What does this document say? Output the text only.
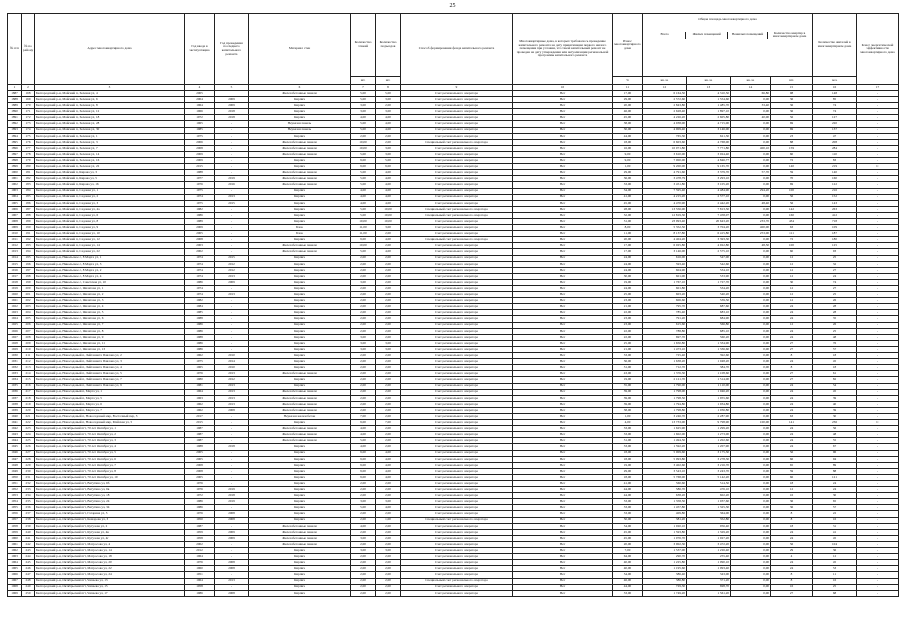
25
№ п/п	№ по району	Адрес многоквартирного дома	Год ввода в эксплуатацию	Год проведения последнего капитального ремонта	Материал стен	Количество этажей	Количество подъездов	Способ формирования фонда капитального ремонта	Многоквартирные дома, в которых требовалось проведение капитального ремонта на дату приватизации первого жилого помещения при условии, что такой капитальный ремонт не проведен на дату утверждения или актуализации региональной программы капитального ремонта	Износ многоквартирного дома	Общая площадь многоквартирного дома
Всего	Жилых помещений	Нежилых помещений	Количество квартир в многоквартирном доме
	Количество жителей в многоквартирном доме	Класс энергетической эффективности многоквартирного дома
шт.	шт.	%	кв. м.	кв. м.	кв. м.	шт.	чел.
1	2	3	4	5	6	7	8	9	10	11	12	13	14	15	16	17
1887	168	Белгородский р-н, Майский п, Зеленая ул, 4	2005		Железобетонные панели	5,00	5,00	Счет регионального оператора	Нет	17,00	6 164,50	4 310,50	66,80	98	148	-
1888	169	Белгородский р-н, Майский п, Зеленая ул, 6	2004	2009	Кирпич	5,00	3,00	Счет регионального оператора	Нет	29,00	2 572,60	1 554,60	0,00	36	85	-
1889	170	Белгородский р-н, Майский п, Зеленая ул, 8	1964	2009	Кирпич	3,00	2,00	Счет регионального оператора	Нет	20,00	2 843,80	1 485,70	33,40	36	74	-
1890	171	Белгородский р-н, Майский п, Зеленая ул, 12	1966	2018	Кирпич	3,00	3,00	Счет регионального оператора	Нет	46,00	2 628,40	1 897,10	0,00	36	74	-
1891	172	Белгородский р-н, Майский п, Зеленая ул, 18	1972	2018	Кирпич	4,00	4,00	Счет регионального оператора	Нет	45,00	4 226,20	2 605,80	40,00	56	127	-
1892	173	Белгородский р-н, Майский п, Зеленая ул, 28	1965	-	Неуказан панель	5,00	4,00	Счет регионального оператора	Нет	38,00	4 938,00	4 715,00	0,00	69	220	-
1893	174	Белгородский р-н, Майский п, Зеленая ул, 30	1985	-	Неуказан панель	5,00	4,00	Счет регионального оператора	Нет	30,00	4 909,40	3 146,00	0,00	69	137	-
1894	175	Белгородский р-н, Майский п, Зеленая ул, 1	1975	-	Кирпич	2,00	2,00	Счет регионального оператора	Нет	44,00	765,30	621,30	0,00	23	47	-
1895	176	Белгородский р-н, Майский п, Зеленая ул, 3	2006	-	Железобетонные панели	10,00	2,00	Специальный счет регионального оператора	Нет	18,00	6 603,60	4 768,00	0,00	88	208	-
1896	177	Белгородский р-н, Майский п, Зеленая ул, 7	2008	-	Железобетонные панели	10,00	3,00	Счет регионального оператора	Нет	16,00	10 071,80	7 771,80	400,10	159	284	-
1897	178	Белгородский р-н, Майский п, Зеленая ул, 14	2009	-	Железобетонные панели	5,00	3,00	Счет регионального оператора	Нет	9,00	3 610,00	3 024,40	0,00	60	110	-
1898	179	Белгородский р-н, Майский п, Зеленая ул, 16	2009	-	Кирпич	9,00	5,00	Счет регионального оператора	Нет	9,00	7 000,00	4 846,77	0,00	72	83	-
1899	180	Белгородский р-н, Майский п, Зеленая ул, 22	2015	-	Кирпич	9,00	9,00	Счет регионального оператора	Нет	1,00	9 200,00	9 165,70	0,00	140	219	C
1900	181	Белгородский р-н, Майский п, Кирова ул, 3	1988	-	Железобетонные панели	5,00	4,00	Счет регионального оператора	Нет	29,00	4 791,60	3 379,70	57,70	59	140	-
1901	182	Белгородский р-н, Майский п, Кирова ул, 5	1977	2019	Железобетонные панели	5,00	4,00	Счет регионального оператора	Нет	36,00	3 478,79	3 293,10	0,00	70	160	-
1902	183	Белгородский р-н, Майский п, Кирова ул, 16	1976	2016	Железобетонные панели	5,00	4,00	Счет регионального оператора	Нет	33,00	3 451,80	3 105,20	0,00	69	122	-
1903	184	Белгородский р-н, Майский п, Садовая ул, 1	1975	-	Кирпич	4,00	4,00	Счет регионального оператора	Нет	34,00	7 595,40	4 484,90	294,20	100	216	-
1904	185	Белгородский р-н, Майский п, Садовая ул, 2	1974	2013	Кирпич	4,00	4,00	Счет регионального оператора	Нет	41,00	4 215,20	2 577,10	0,00	56	152	-
1905	186	Белгородский р-н, Майский п, Садовая ул, 3	1975	2015	Кирпич	4,00	4,00	Счет регионального оператора	Нет	45,00	4 470,90	2 442,20	48,40	56	143	-
1906	187	Белгородский р-н, Майский п, Садовая ул, 4а	1982	-	Кирпич	5,00	10,00	Специальный счет регионального оператора	Нет	28,00	13 556,00	7 813,50	0,00	142	263	-
1907	188	Белгородский р-н, Майский п, Садовая ул, 6	1986	-	Кирпич	5,00	10,00	Специальный счет регионального оператора	Нет	32,00	12 819,30	7 458,07	0,00	160	412	-
1908	189	Белгородский р-н, Майский п, Садовая ул, 8	1989	-	Кирпич	10,00	10,00	Счет регионального оператора	Нет	31,00	23 993,40	20 643,20	233,70	434	718	-
1909	190	Белгородский р-н, Майский п, Садовая ул, 9	2009	-	Блок	11,00	3,00	Счет регионального оператора	Нет	8,00	5 352,50	3 704,20	400,00	63	109	-
1910	191	Белгородский р-н, Майский п, Садовая ул, 10	2005	-	Блок	11,00	2,00	Счет регионального оператора	Нет	11,00	8 137,80	6 415,80	253,00	111	187	-
1911	192	Белгородский р-н, Майский п, Садовая ул, 12	2008	-	Кирпич	9,00	4,00	Специальный счет регионального оператора	Нет	20,00	4 404,20	3 393,30	0,00	72	180	-
1912	193	Белгородский р-н, Майский п, Садовая ул, 14	2003	-	Железобетонные панели	10,00	2,00	Счет регионального оператора	Нет	17,00	6 025,80	4 922,80	48,50	100	125	-
1913	194	Белгородский р-н, Майский п, Садовая ул, 22	2002	-	Железобетонные панели	5,00	4,00	Счет регионального оператора	Нет	17,00	3 146,00	2 575,10	0,00	60	93	-
1914	195	Белгородский р-н, Никольское с, 8 Марта ул, 1	1974	2015	Кирпич	2,00	2,00	Счет регионального оператора	Нет	24,00	616,00	547,00	0,00	12	25	-
1915	196	Белгородский р-н, Никольское с, 8 Марта ул, 3	1974	2012	Кирпич	2,00	2,00	Счет регионального оператора	Нет	24,00	593,40	542,60	0,00	12	32	-
1916	197	Белгородский р-н, Никольское с, 8 Марта ул, 2	1974	2012	Кирпич	2,00	2,00	Счет регионального оператора	Нет	24,00	604,90	534,10	0,00	12	27	-
1917	198	Белгородский р-н, Никольское с, 8 Марта ул, 4	1974	2013	Кирпич	2,00	2,00	Счет регионального оператора	Нет	30,00	601,00	533,90	0,00	12	24	-
1918	199	Белгородский р-н, Никольское с, Советская ул, 10	1986	2009	Кирпич	3,00	2,00	Счет регионального оператора	Нет	19,00	1 767,10	1 727,70	0,00	30	74	-
1919	200	Белгородский р-н, Никольское с, Филатова ул, 1	1974	-	Кирпич	2,00	2,00	Счет регионального оператора	Нет	24,00	601,80	534,20	0,00	12	27	-
1920	201	Белгородский р-н, Никольское с, Филатова ул, 2	1974	2013	Кирпич	2,00	2,00	Счет регионального оператора	Нет	25,00	603,20	540,20	0,00	12	25	-
1921	202	Белгородский р-н, Никольское с, Филатова ул, 3	1982	-	Кирпич	2,00	2,00	Счет регионального оператора	Нет	23,00	606,60	539,50	0,00	12	26	-
1922	203	Белгородский р-н, Никольское с, Филатова ул, 4	1984	-	Кирпич	2,00	2,00	Счет регионального оператора	Нет	21,00	795,70	687,60	0,00	24	28	-
1923	204	Белгородский р-н, Никольское с, Филатова ул, 5	1985	-	Кирпич	2,00	2,00	Счет регионального оператора	Нет	22,00	785,40	683,10	0,00	24	28	-
1924	205	Белгородский р-н, Никольское с, Филатова ул, 6	1988	-	Кирпич	2,00	2,00	Счет регионального оператора	Нет	23,00	791,20	684,90	0,00	24	35	-
1925	206	Белгородский р-н, Никольское с, Филатова ул, 7	1986	-	Кирпич	2,00	2,00	Счет регионального оператора	Нет	23,00	615,60	566,80	0,00	12	26	-
1926	207	Белгородский р-н, Никольское с, Филатова ул, 8	1986	-	Кирпич	2,00	2,00	Счет регионального оператора	Нет	22,00	788,80	685,10	0,00	24	25	-
1927	208	Белгородский р-н, Никольское с, Филатова ул, 9	1988	-	Кирпич	3,00	2,00	Счет регионального оператора	Нет	22,00	697,70	560,20	0,00	24	48	-
1928	209	Белгородский р-н, Никольское с, Филатова ул, 11	1986	-	Кирпич	3,00	3,00	Счет регионального оператора	Нет	25,00	1 650,80	1 334,90	0,00	27	76	-
1929	210	Белгородский р-н, Никольское с, Филатова ул, 13	1986	-	Кирпич	3,00	3,00	Счет регионального оператора	Нет	21,00	1 473,10	1 336,60	0,00	27	57	-
1930	211	Белгородский р-н, Новосадовый п, Лейтенанта Павлова ул, 2	1962	2010	Кирпич	2,00	2,00	Счет регионального оператора	Нет	33,00	725,40	392,60	0,00	8	18	-
1931	212	Белгородский р-н, Новосадовый п, Лейтенанта Павлова ул, 3	1975	2014	Кирпич	2,00	2,00	Счет регионального оператора	Нет	36,00	1 638,20	1 048,20	0,00	24	45	-
1932	213	Белгородский р-н, Новосадовый п, Лейтенанта Павлова ул, 4	1965	2010	Кирпич	2,00	2,00	Счет регионального оператора	Нет	31,00	712,70	384,70	0,00	8	18	-
1933	214	Белгородский р-н, Новосадовый п, Лейтенанта Павлова ул, 5	1976	2013	Железобетонные панели	2,00	2,00	Счет регионального оператора	Нет	43,00	1 376,30	1 108,60	0,00	27	61	-
1934	215	Белгородский р-н, Новосадовый п, Лейтенанта Павлова ул, 7	1980	2012	Кирпич	2,00	2,00	Счет регионального оператора	Нет	19,00	2 121,70	1 514,00	0,00	27	82	-
1935	216	Белгородский р-н, Новосадовый п, Лейтенанта Павлова ул, 9	1981	2013	Кирпич	2,00	2,00	Счет регионального оператора	Нет	35,00	1 790,00	1 110,00	0,00	24	54	-
1936	217	Белгородский р-н, Новосадовый п, Марта ул, 1	1964	2013	Железобетонные панели	2,00	2,00	Счет регионального оператора	Нет	39,00	1 798,00	1 046,20	0,00	24	45	-
1937	218	Белгородский р-н, Новосадовый п, Марта ул, 5	1963	2013	Железобетонные панели	2,00	2,00	Счет регионального оператора	Нет	39,00	1 798,50	1 955,60	0,00	24	39	-
1938	219	Белгородский р-н, Новосадовый п, Марта ул, 6	1962	2013	Железобетонные панели	2,00	2,00	Счет регионального оператора	Нет	39,00	1 794,80	1 934,80	0,00	24	40	-
1939	220	Белгородский р-н, Новосадовый п, Марта ул, 7	1962	2008	Железобетонные панели	2,00	2,00	Счет регионального оператора	Нет	38,00	1 798,80	1 036,80	0,00	24	39	-
1940	221	Белгородский р-н, Новосадовый п, Новосадовый мкр, Восточный пер, 3	2017	-	Неуказан железобетон	7,00	2,00	Счет регионального оператора	Нет	1,00	3 246,70	2 287,90	0,00	63	30	-
1941	222	Белгородский р-н, Новосадовый п, Новосадовый мкр, Майская ул, 5	2015	-	Кирпич	9,00	7,00	Счет регионального оператора	Нет	4,00	13 733,00	9 798,90	100,00	141	236	C
1942	223	Белгородский р-н, Октябрьский пгт, 70 лет Октября ул, 1	1987	-	Железобетонные панели	4,00	2,00	Счет регионального оператора	Нет	33,00	1 625,90	1 299,20	0,00	24	56	-
1943	224	Белгородский р-н, Октябрьский пгт, 70 лет Октября ул, 2	1987	-	Железобетонные панели	4,00	2,00	Счет регионального оператора	Нет	33,00	1 602,00	1 273,00	0,00	24	48	-
1944	225	Белгородский р-н, Октябрьский пгт, 70 лет Октября ул, 3	1987	-	Железобетонные панели	5,00	2,00	Счет регионального оператора	Нет	31,00	1 494,50	1 202,60	0,00	24	55	-
1945	226	Белгородский р-н, Октябрьский пгт, 70 лет Октября ул, 4	1988	2018	Кирпич	4,00	2,00	Счет регионального оператора	Нет	33,00	1 592,20	1 207,90	0,00	24	67	-
1946	227	Белгородский р-н, Октябрьский пгт, 70 лет Октября ул, 5	2005	-	Кирпич	9,00	4,00	Счет регионального оператора	Нет	18,00	5 009,60	3 175,30	0,00	56	96	-
1947	228	Белгородский р-н, Октябрьский пгт, 70 лет Октября ул, 6	2005	-	Кирпич	9,00	4,00	Счет регионального оператора	Нет	18,00	5 093,80	3 278,30	0,00	66	94	-
1948	229	Белгородский р-н, Октябрьский пгт, 70 лет Октября ул, 7	2008	-	Кирпич	9,00	4,00	Счет регионального оператора	Нет	19,00	3 402,60	3 216,70	0,00	65	89	-
1949	230	Белгородский р-н, Октябрьский пгт, 70 лет Октября ул, 8	2008	-	Кирпич	9,00	4,00	Счет регионального оператора	Нет	29,00	3 543,10	3 243,70	0,00	59	88	-
1950	231	Белгородский р-н, Октябрьский пгт, 70 лет Октября ул, 10	2005	-	Кирпич	9,00	4,00	Счет регионального оператора	Нет	18,00	5 768,00	5 142,20	0,00	66	121	-
1951	232	Белгородский р-н, Октябрьский пгт, Ватутина ул, 6б	1976	-	Кирпич	2,00	2,00	Счет регионального оператора	Нет	41,00	560,60	514,50	0,00	18	24	-
1952	233	Белгородский р-н, Октябрьский пгт, Ватутина ул, 6в	1976	2019	Кирпич	2,00	2,00	Счет регионального оператора	Нет	44,00	586,70	476,10	0,00	12	24	-
1953	234	Белгородский р-н, Октябрьский пгт, Ватутина ул, 18	1972	2018	Кирпич	2,00	2,00	Счет регионального оператора	Нет	44,00	638,20	602,20	0,00	16	30	-
1954	235	Белгородский р-н, Октябрьский пгт, Ватутина ул, 24	1986	2019	Кирпич	3,00	3,00	Счет регионального оператора	Нет	33,00	1 358,50	1 037,60	0,00	36	65	-
1955	236	Белгородский р-н, Октябрьский пгт, Ватутина ул, 34	1986	-	Кирпич	5,00	4,00	Счет регионального оператора	Нет	33,00	1 457,80	1 325,30	0,00	36	57	-
1956	237	Белгородский р-н, Октябрьский пгт, Гагарина ул, 3	1976	2008	Кирпич	2,00	2,00	Счет регионального оператора	Нет	33,00	409,80	364,00	0,00	8	22	-
1957	238	Белгородский р-н, Октябрьский пгт, Комарова ул, 3	1950	2008	Кирпич	2,00	1,00	Специальный счет регионального оператора	Нет	50,00	381,20	352,80	0,00	8	16	-
1958	239	Белгородский р-н, Октябрьский пгт, Кутузова ул, 2	1987	-	Железобетонные панели	4,00	2,00	Счет регионального оператора	Нет	54,00	1 020,10	956,40	0,00	18	31	-
1959	240	Белгородский р-н, Октябрьский пгт, Кутузова ул, 4в	1959	2009	Железобетонные панели	2,00	2,00	Счет регионального оператора	Нет	45,00	1 593,80	1 329,20	0,00	24	41	-
1960	241	Белгородский р-н, Октябрьский пгт, Кутузова ул, 4г	1958	2009	Железобетонные панели	3,00	2,00	Счет регионального оператора	Нет	45,00	1 076,70	1 027,20	0,00	24	45	-
1961	242	Белгородский р-н, Октябрьский пгт, Матросова ул, 4	2002	-	Железобетонные панели	2,00	2,00	Счет регионального оператора	Нет	20,00	3 902,30	3 472,20	0,00	56	104	-
1962	243	Белгородский р-н, Октябрьский пгт, Матросова ул, 14	2012	-	Кирпич	3,00	3,00	Счет регионального оператора	Нет	7,00	1 537,00	1 226,40	0,00	29	36	-
1963	244	Белгородский р-н, Октябрьский пгт, Матросова ул, 18	1964	-	Кирпич	2,00	2,00	Счет регионального оператора	Нет	64,00	290,70	255,40	0,00	4	12	-
1964	245	Белгородский р-н, Октябрьский пгт, Матросова ул, 20	1976	2008	Кирпич	2,00	2,00	Счет регионального оператора	Нет	40,00	1 225,80	1 090,10	0,00	24	45	-
1965	246	Белгородский р-н, Октябрьский пгт, Матросова ул, 22	1960	2008	Кирпич	2,00	2,00	Счет регионального оператора	Нет	40,00	1 195,60	1 093,40	0,00	24	53	-
1966	247	Белгородский р-н, Октябрьский пгт, Матросова ул, 24	1951	-	Кирпич	2,00	2,00	Счет регионального оператора	Нет	54,00	386,40	343,00	0,00	8	11	-
1967	248	Белгородский р-н, Октябрьский пгт, Чапаева ул, 13	1964	2013	Кирпич	2,00	2,00	Специальный счет регионального оператора	Нет	46,00	386,80	371,20	0,00	8	16	-
1968	249	Белгородский р-н, Октябрьский пгт, Чапаева ул, 15	1958	-	Кирпич	2,00	2,00	Счет регионального оператора	Нет	44,00	729,30	698,70	0,00	16	25	-
1969	250	Белгородский р-н, Октябрьский пгт, Чапаева ул, 17	1986	2008	Кирпич	2,00	2,00	Счет регионального оператора	Нет	33,00	1 749,20	1 561,20	0,00	27	68	-
